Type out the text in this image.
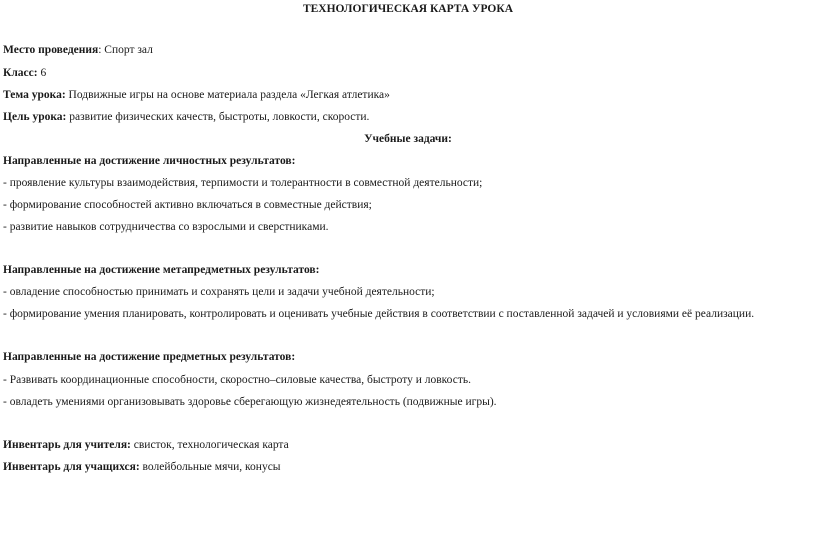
ТЕХНОЛОГИЧЕСКАЯ КАРТА УРОКА
Место проведения: Спорт зал
Класс: 6
Тема урока: Подвижные игры на основе материала раздела «Легкая атлетика»
Цель урока: развитие физических качеств, быстроты, ловкости, скорости.
Учебные задачи:
Направленные на достижение личностных результатов:
- проявление культуры взаимодействия, терпимости и толерантности в совместной деятельности;
- формирование способностей активно включаться в совместные действия;
- развитие навыков сотрудничества со взрослыми и сверстниками.
Направленные на достижение метапредметных результатов:
- овладение способностью принимать и сохранять цели и задачи учебной деятельности;
- формирование умения планировать, контролировать и оценивать учебные действия в соответствии с поставленной задачей и условиями её реализации.
Направленные на достижение предметных результатов:
- Развивать координационные способности, скоростно–силовые качества, быстроту и ловкость.
- овладеть умениями организовывать здоровье сберегающую жизнедеятельность (подвижные игры).
Инвентарь для учителя: свисток, технологическая карта
Инвентарь для учащихся: волейбольные мячи, конусы
